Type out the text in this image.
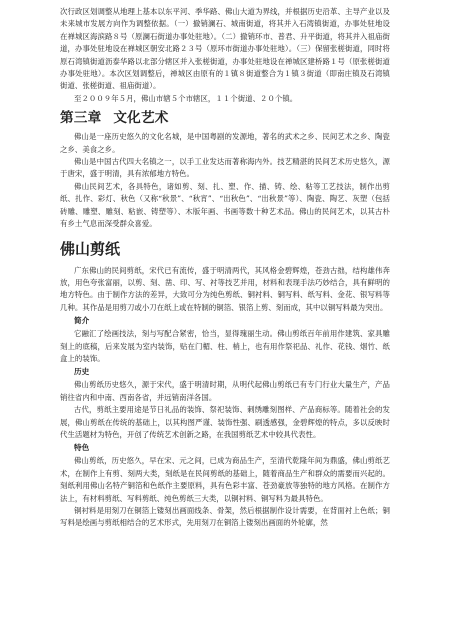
次行政区划调整从地理上基本以东平河、季华路、佛山大道为界线，并根据历史沿革、主导产业以及未来城市发展方向作为调整依据。（一）撤销澜石、城南街道，将其并入石湾镇街道，办事处驻地设在禅城区海滨路８号（原澜石街道办事处驻地）。（二）撤销环市、普君、升平街道，将其并入祖庙街道，办事处驻地设在禅城区朝安北路２３号（原环市街道办事处驻地）。（三）保留张槎街道，同时将原石湾镇街道沥泰华路以北部分辖区并入张槎街道，办事处驻地设在禅城区建桥路１号（原张槎街道办事处驻地）。本次区划调整后，禅城区由原有的１镇８街道整合为１镇３街道（即南庄镇及石湾镇街道、张槎街道、祖庙街道）。

至２００９年５月，佛山市辖５个市辖区，１１个街道、２０个镇。

第三章 文化艺术

佛山是一座历史悠久的文化名城，是中国粤剧的发源地，著名的武术之乡、民间艺术之乡、陶瓷之乡、美食之乡。

佛山是中国古代四大名镇之一，以手工业发达而著称海内外。技艺精湛的民间艺术历史悠久，源于唐宋，盛于明清，具有浓郁地方特色。

佛山民间艺术，各具特色，诸如剪、刻、扎、塑、作、描、铸、绘、粘等工艺技法，制作出剪纸、扎作、彩灯、秋色（又称“秋景”、“秋宵”、“出秋色”、“出秋景”等）、陶瓷、陶艺、灰塑（包括砖雕、雕塑、雕刻、粘嵌、铸塑等）、木版年画、书画等数十种艺术品。佛山的民间艺术，以其古朴有乡土气息而深受群众喜爱。

佛山剪纸

广东佛山的民间剪纸，宋代已有流传，盛于明清两代，其风格金碧辉煌，苍劲古拙，结构雄伟奔放，用色夸张富丽，以剪、刻、凿、印、写、衬等技艺并用，材料和表现手法巧妙结合，具有鲜明的地方特色。由于制作方法的差异，大致可分为纯色剪纸、铜衬料、铜写料、纸写料、金花、银写料等几种。其作品是用剪刀或小刀在纸上或在特制的铜箔、银箔上剪、刻而成，其中以铜写料最为突出。

简介

它融汇了绘画技法，刻与写配合紧密，恰当，显得瑰丽生动。佛山剪纸百年前用作建筑、家具雕刻上的底稿，后来发展为室内装饰，贴在门楣、柱、梢上，也有用作祭祀品、礼作、花钱、烟竹、纸盒上的装饰。

历史

佛山剪纸历史悠久，源于宋代，盛于明清时期，从明代起佛山剪纸已有专门行业大量生产，产品销往省内和中南、西南各省，并远销南洋各国。

古代，剪纸主要用途是节日礼品的装饰、祭祀装饰、刺绣雕刻图样、产品商标等。随着社会的发展，佛山剪纸在传统的基础上，以其构图严谨、装饰性强、刷透感强，金碧辉煌的特点，多以反映时代生活题材为特色，开创了传统艺术创新之路，在我国剪纸艺术中较具代表性。

特色

佛山剪纸，历史悠久，早在宋、元之间，已成为商品生产，至清代乾隆年间为鼎盛，佛山剪纸艺术，在制作上有剪、刻两大类，刻纸是在民间剪纸的基础上，随着商品生产和群众的需要而兴起的。刻纸利用佛山名特产铜箔和色纸作主要原料，具有色彩丰富、苍劲豪放等独特的地方风格。在制作方法上，有材料剪纸、写料剪纸、纯色剪纸三大类，以铜衬料、铜写料为最具特色。

铜衬料是用刻刀在铜箔上镂刻出画面线条、骨架，然后根据制作设计需要，在背面衬上色纸；铜写料是绘画与剪纸相结合的艺术形式，先用刻刀在铜箔上镂刻出画面的外轮廓，然
